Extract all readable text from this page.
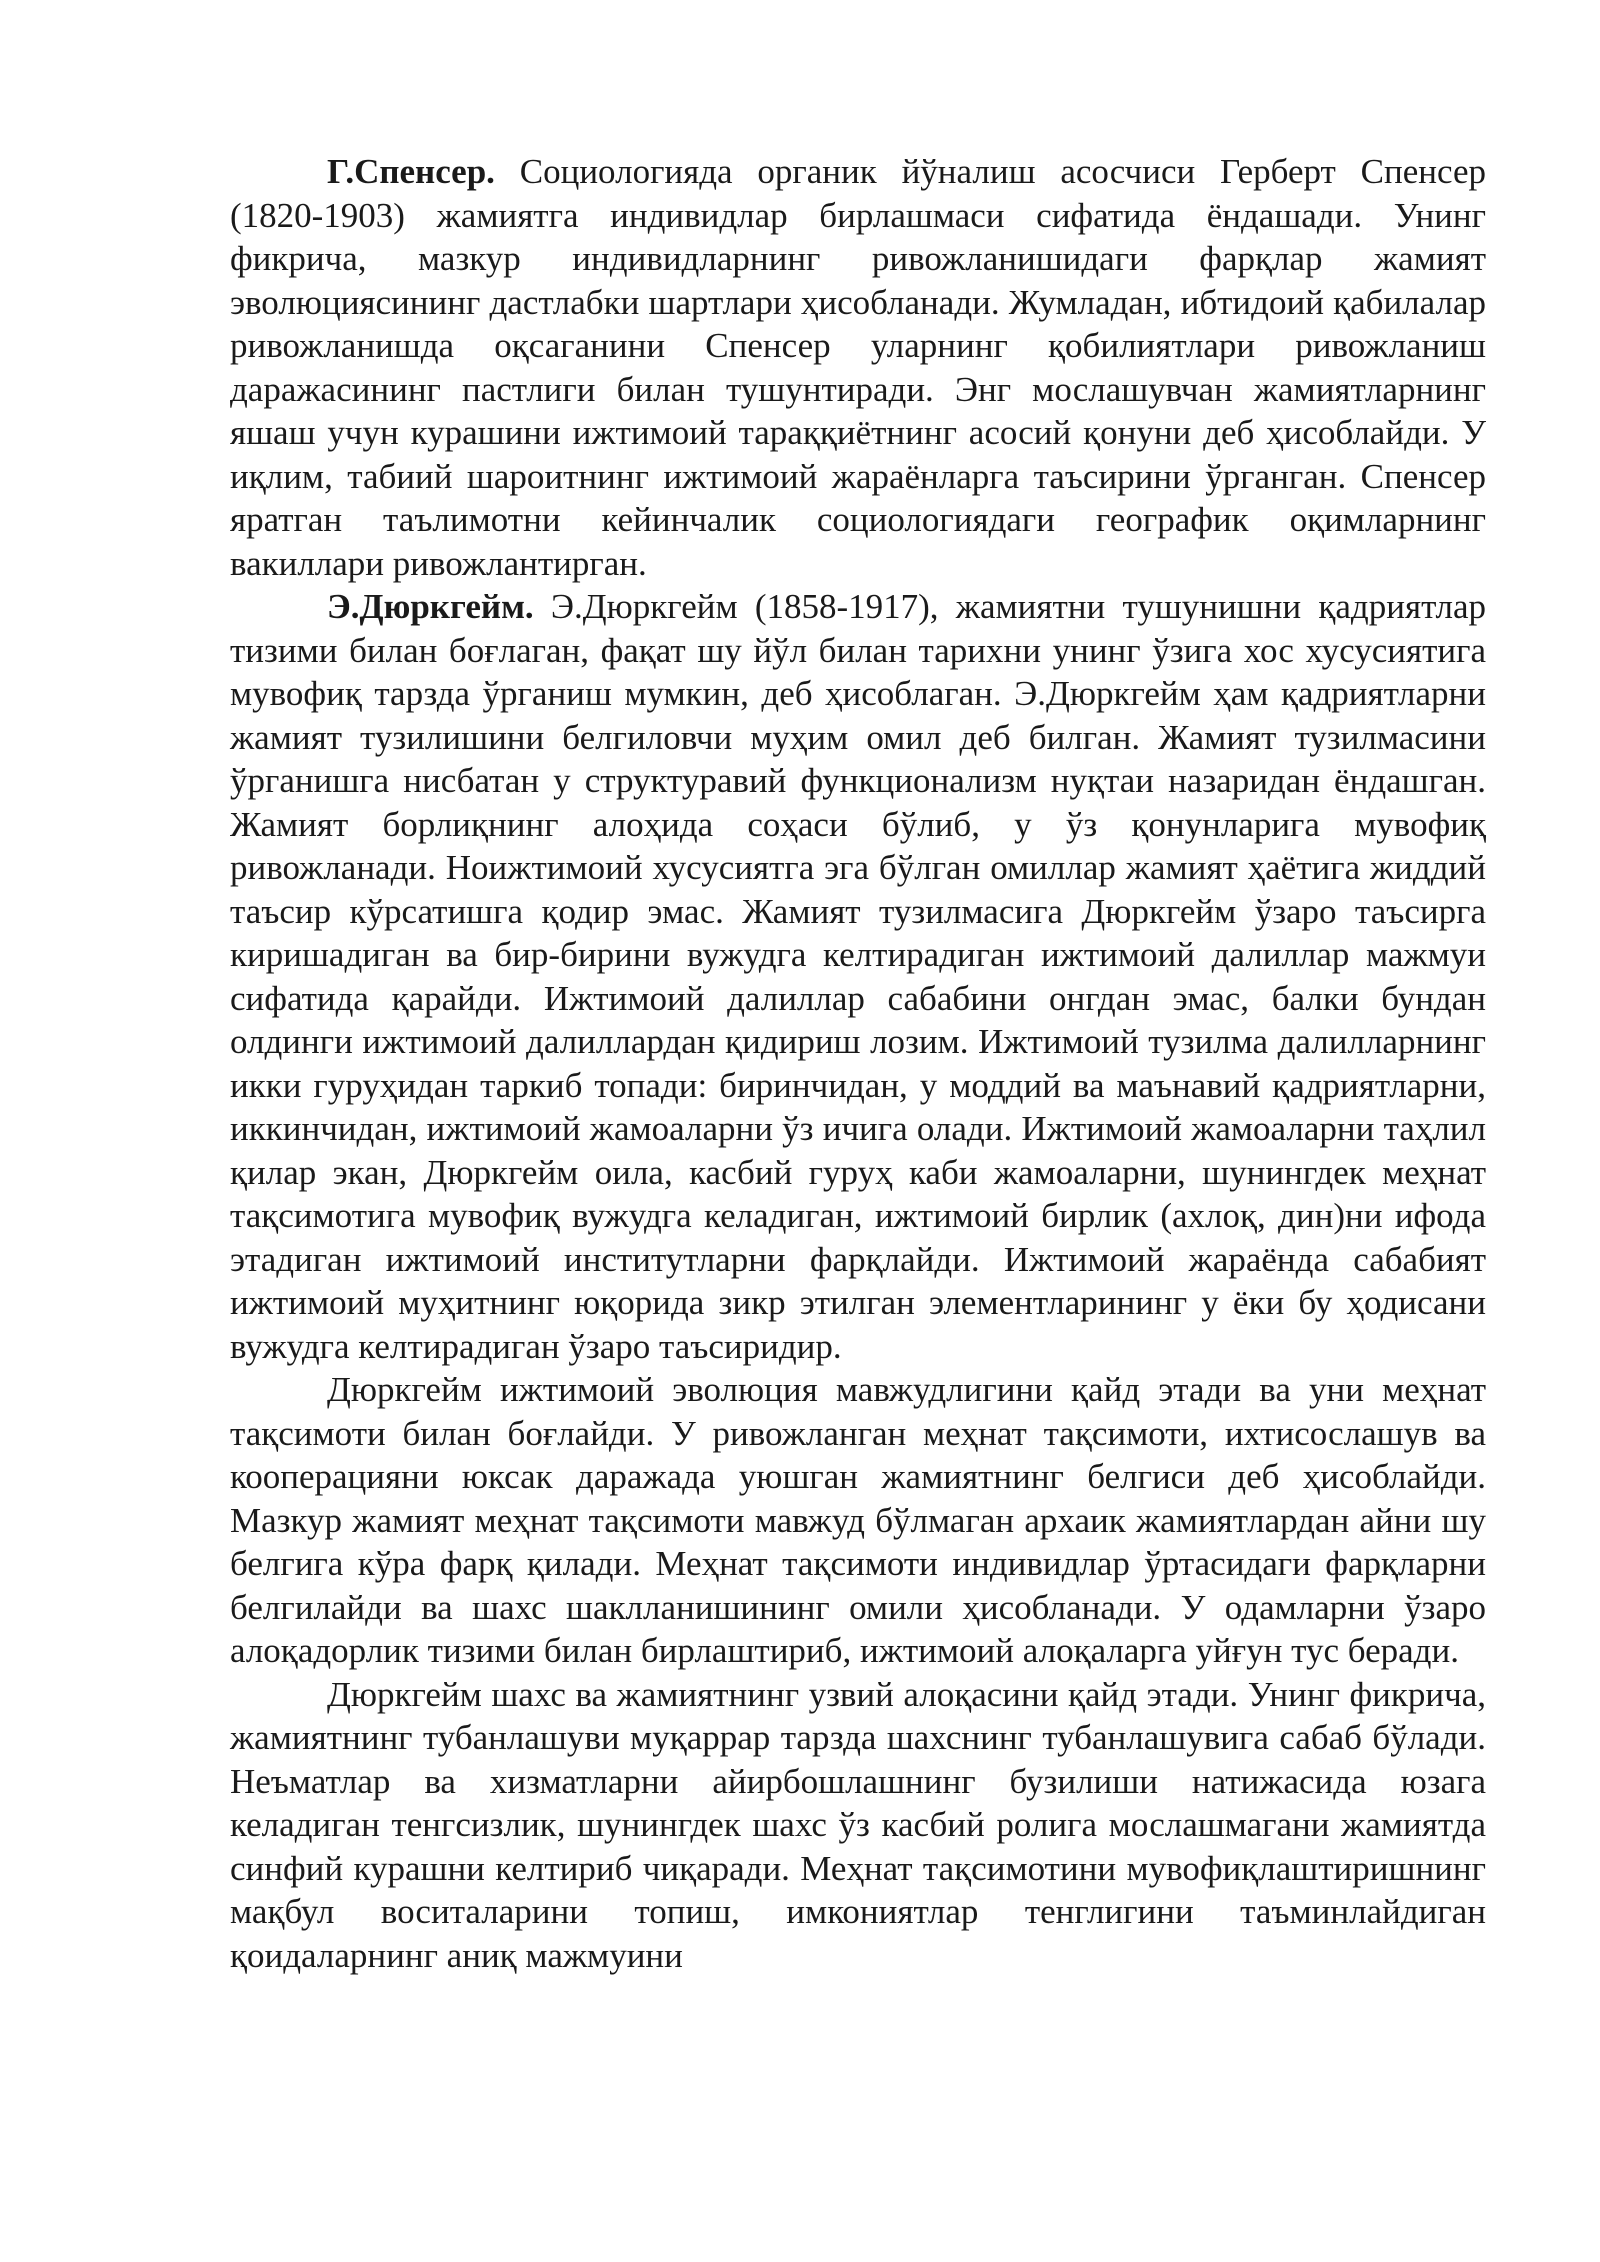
Г.Спенсер. Социологияда органик йўналиш асосчиси Герберт Спенсер (1820-1903) жамиятга индивидлар бирлашмаси сифатида ёндашади. Унинг фикрича, мазкур индивидларнинг ривожланишидаги фарқлар жамият эволюциясининг дастлабки шартлари ҳисобланади. Жумладан, ибтидоий қабилалар ривожланишда оқсаганини Спенсер уларнинг қобилиятлари ривожланиш даражасининг пастлиги билан тушунтиради. Энг мослашувчан жамиятларнинг яшаш учун курашини ижтимоий тараққиётнинг асосий қонуни деб ҳисоблайди. У иқлим, табиий шароитнинг ижтимоий жараёнларга таъсирини ўрганган. Спенсер яратган таълимотни кейинчалик социологиядаги географик оқимларнинг вакиллари ривожлантирган.

Э.Дюркгейм. Э.Дюркгейм (1858-1917), жамиятни тушунишни қадриятлар тизими билан боғлаган, фақат шу йўл билан тарихни унинг ўзига хос хусусиятига мувофиқ тарзда ўрганиш мумкин, деб ҳисоблаган. Э.Дюркгейм ҳам қадриятларни жамият тузилишини белгиловчи муҳим омил деб билган. Жамият тузилмасини ўрганишга нисбатан у структуравий функционализм нуқтаи назаридан ёндашган. Жамият борлиқнинг алоҳида соҳаси бўлиб, у ўз қонунларига мувофиқ ривожланади. Ноижтимоий хусусиятга эга бўлган омиллар жамият ҳаётига жиддий таъсир кўрсатишга қодир эмас. Жамият тузилмасига Дюркгейм ўзаро таъсирга киришадиган ва бир-бирини вужудга келтирадиган ижтимоий далиллар мажмуи сифатида қарайди. Ижтимоий далиллар сабабини онгдан эмас, балки бундан олдинги ижтимоий далиллардан қидириш лозим. Ижтимоий тузилма далилларнинг икки гуруҳидан таркиб топади: биринчидан, у моддий ва маънавий қадриятларни, иккинчидан, ижтимоий жамоаларни ўз ичига олади. Ижтимоий жамоаларни таҳлил қилар экан, Дюркгейм оила, касбий гуруҳ каби жамоаларни, шунингдек меҳнат тақсимотига мувофиқ вужудга келадиган, ижтимоий бирлик (ахлоқ, дин)ни ифода этадиган ижтимоий институтларни фарқлайди. Ижтимоий жараёнда сабабият ижтимоий муҳитнинг юқорида зикр этилган элементларининг у ёки бу ҳодисани вужудга келтирадиган ўзаро таъсиридир.

Дюркгейм ижтимоий эволюция мавжудлигини қайд этади ва уни меҳнат тақсимоти билан боғлайди. У ривожланган меҳнат тақсимоти, ихтисослашув ва кооперацияни юксак даражада уюшган жамиятнинг белгиси деб ҳисоблайди. Мазкур жамият меҳнат тақсимоти мавжуд бўлмаган архаик жамиятлардан айни шу белгига кўра фарқ қилади. Меҳнат тақсимоти индивидлар ўртасидаги фарқларни белгилайди ва шахс шаклланишининг омили ҳисобланади. У одамларни ўзаро алоқадорлик тизими билан бирлаштириб, ижтимоий алоқаларга уйғун тус беради.

Дюркгейм шахс ва жамиятнинг узвий алоқасини қайд этади. Унинг фикрича, жамиятнинг тубанлашуви муқаррар тарзда шахснинг тубанлашувига сабаб бўлади. Неъматлар ва хизматларни айирбошлашнинг бузилиши натижасида юзага келадиган тенгсизлик, шунингдек шахс ўз касбий ролига мослашмагани жамиятда синфий курашни келтириб чиқаради. Меҳнат тақсимотини мувофиқлаштиришнинг мақбул воситаларини топиш, имкониятлар тенглигини таъминлайдиган қоидаларнинг аниқ мажмуини
